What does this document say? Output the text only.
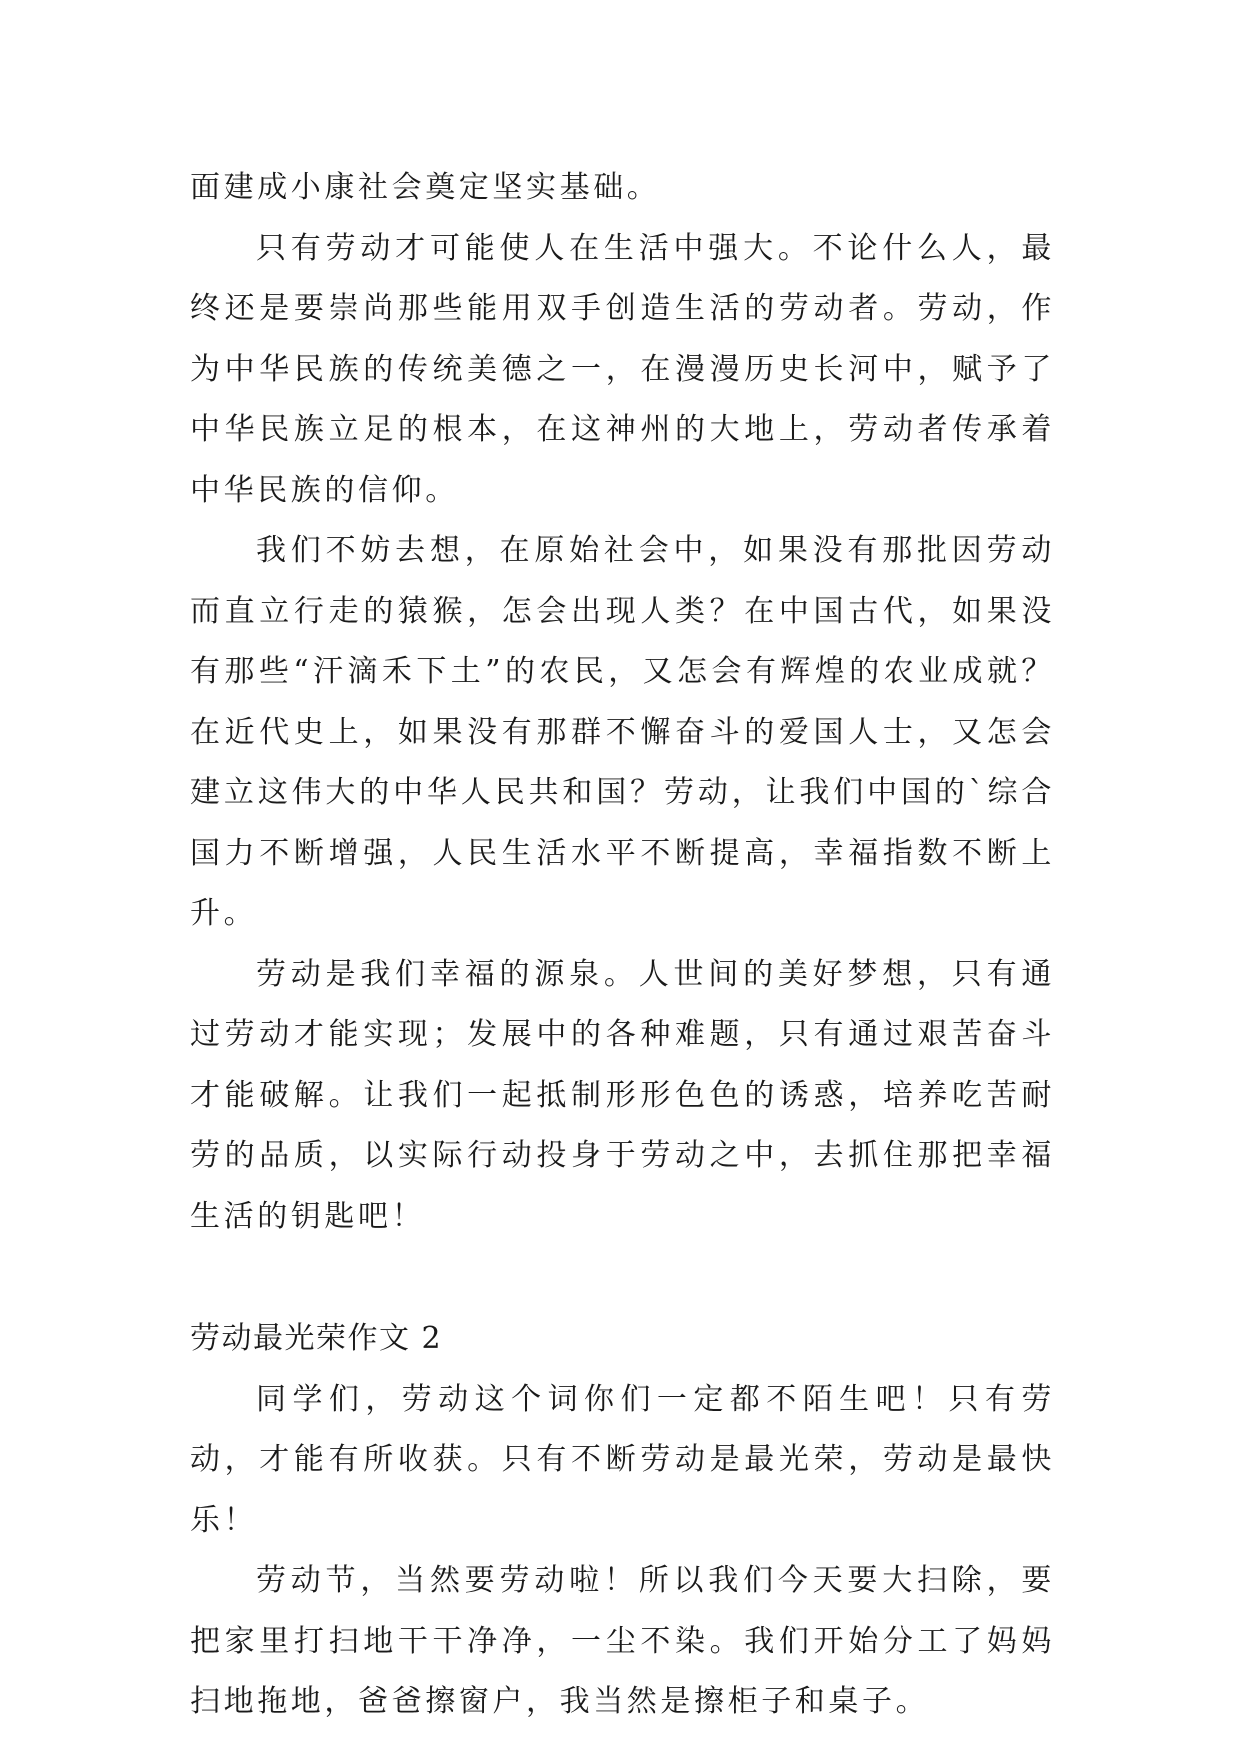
面建成小康社会奠定坚实基础。

只有劳动才可能使人在生活中强大。不论什么人，最终还是要崇尚那些能用双手创造生活的劳动者。劳动，作为中华民族的传统美德之一，在漫漫历史长河中，赋予了中华民族立足的根本，在这神州的大地上，劳动者传承着中华民族的信仰。

我们不妨去想，在原始社会中，如果没有那批因劳动而直立行走的猿猴，怎会出现人类？在中国古代，如果没有那些“汗滴禾下土”的农民，又怎会有辉煌的农业成就？在近代史上，如果没有那群不懈奋斗的爱国人士，又怎会建立这伟大的中华人民共和国？劳动，让我们中国的`综合国力不断增强，人民生活水平不断提高，幸福指数不断上升。

劳动是我们幸福的源泉。人世间的美好梦想，只有通过劳动才能实现；发展中的各种难题，只有通过艰苦奋斗才能破解。让我们一起抵制形形色色的诱惑，培养吃苦耐劳的品质，以实际行动投身于劳动之中，去抓住那把幸福生活的钥匙吧！

劳动最光荣作文 2

同学们，劳动这个词你们一定都不陌生吧！只有劳动，才能有所收获。只有不断劳动是最光荣，劳动是最快乐！

劳动节，当然要劳动啦！所以我们今天要大扫除，要把家里打扫地干干净净，一尘不染。我们开始分工了妈妈扫地拖地，爸爸擦窗户，我当然是擦柜子和桌子。
